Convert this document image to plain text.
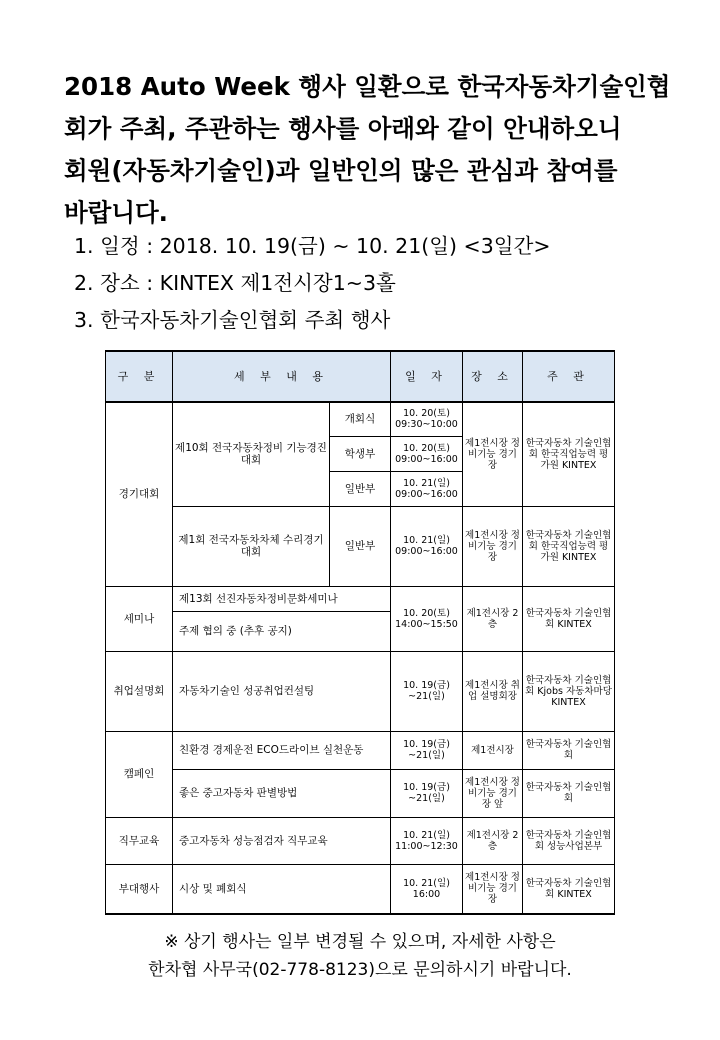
2018 Auto Week 행사 일환으로 한국자동차기술인협
회가 주최, 주관하는 행사를 아래와 같이 안내하오니
회원(자동차기술인)과 일반인의 많은 관심과 참여를
바랍니다.
1. 일정 : 2018. 10. 19(금) ~ 10. 21(일) <3일간>
2. 장소 : KINTEX 제1전시장1~3홀
3. 한국자동차기술인협회 주최 행사
구 분	세 부 내 용		일 자	장 소	주 관
경기대회	제10회 전국자동차정비 기능경진대회	개회식	10. 20(토) 09:30~10:00	제1전시장 정비기능 경기장	한국자동차 기술인협회 한국직업능력 평가원 KINTEX
		학생부	10. 20(토) 09:00~16:00		
		일반부	10. 21(일) 09:00~16:00		
	제1회 전국자동차차체 수리경기대회	일반부	10. 21(일) 09:00~16:00	제1전시장 정비기능 경기장	한국자동차 기술인협회 한국직업능력 평가원 KINTEX
세미나	제13회 선진자동차정비문화세미나		10. 20(토) 14:00~15:50	제1전시장 2층	한국자동차 기술인협회 KINTEX
	주제 협의 중 (추후 공지)				
취업설명회	자동차기술인 성공취업컨설팅		10. 19(금) ~21(일)	제1전시장 취업 설명회장	한국자동차 기술인협회 Kjobs 자동차마당 KINTEX
캠페인	친환경 경제운전 ECO드라이브 실천운동		10. 19(금) ~21(일)	제1전시장	한국자동차 기술인협회
	좋은 중고자동차 판별방법		10. 19(금) ~21(일)	제1전시장 정비기능 경기장 앞	한국자동차 기술인협회
직무교육	중고자동차 성능점검자 직무교육		10. 21(일) 11:00~12:30	제1전시장 2층	한국자동차 기술인협회 성능사업본부
부대행사	시상 및 폐회식		10. 21(일) 16:00	제1전시장 정비기능 경기장	한국자동차 기술인협회 KINTEX
※ 상기 행사는 일부 변경될 수 있으며, 자세한 사항은
한차협 사무국(02-778-8123)으로 문의하시기 바랍니다.
